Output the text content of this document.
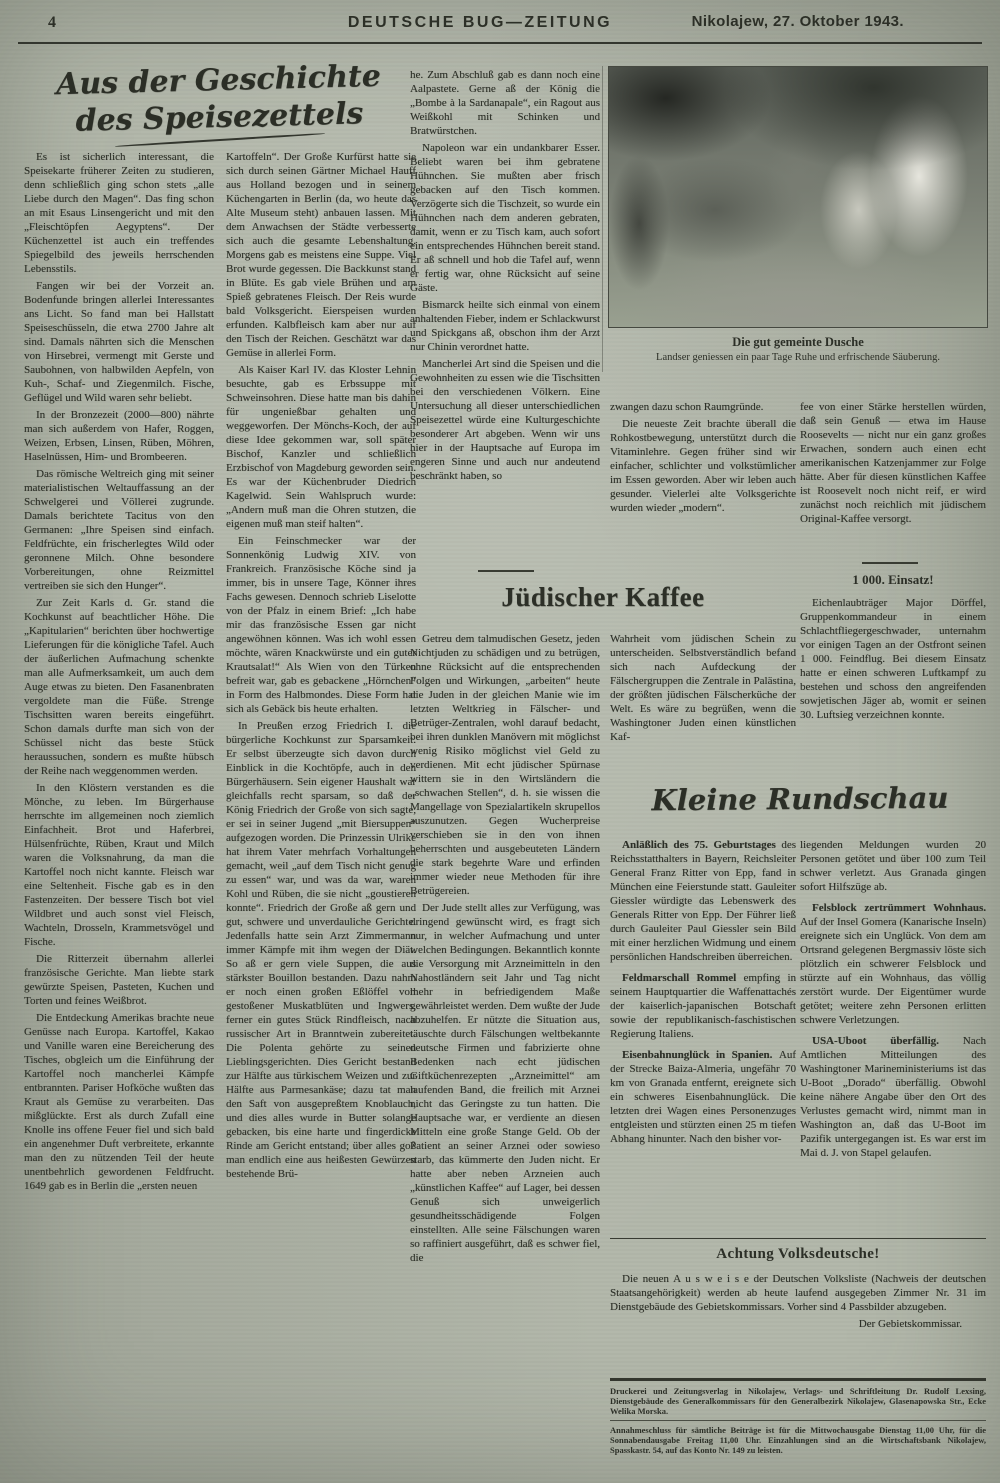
4	DEUTSCHE BUG—ZEITUNG	Nikolajew, 27. Oktober 1943.
Aus der Geschichte
des Speisezettels

Es ist sicherlich interessant, die Speisekarte früherer Zeiten zu studieren, denn schließlich ging schon stets „alle Liebe durch den Magen“. Das fing schon an mit Esaus Linsengericht und mit den „Fleischtöpfen Aegyptens“. Der Küchenzettel ist auch ein treffendes Spiegelbild des jeweils herrschenden Lebensstils.

Fangen wir bei der Vorzeit an. Bodenfunde bringen allerlei Interessantes ans Licht. So fand man bei Hallstatt Speiseschüsseln, die etwa 2700 Jahre alt sind. Damals nährten sich die Menschen von Hirsebrei, vermengt mit Gerste und Saubohnen, von halbwilden Aepfeln, von Kuh-, Schaf- und Ziegenmilch. Fische, Geflügel und Wild waren sehr beliebt.

In der Bronzezeit (2000—800) nährte man sich außerdem von Hafer, Roggen, Weizen, Erbsen, Linsen, Rüben, Möhren, Haselnüssen, Him- und Brombeeren.

Das römische Weltreich ging mit seiner materialistischen Weltauffassung an der Schwelgerei und Völlerei zugrunde. Damals berichtete Tacitus von den Germanen: „Ihre Speisen sind einfach. Feldfrüchte, ein frischerlegtes Wild oder geronnene Milch. Ohne besondere Vorbereitungen, ohne Reizmittel vertreiben sie sich den Hunger“.

Zur Zeit Karls d. Gr. stand die Kochkunst auf beachtlicher Höhe. Die „Kapitularien“ berichten über hochwertige Lieferungen für die königliche Tafel. Auch der äußerlichen Aufmachung schenkte man alle Aufmerksamkeit, um auch dem Auge etwas zu bieten. Den Fasanenbraten vergoldete man die Füße. Strenge Tischsitten waren bereits eingeführt. Schon damals durfte man sich von der Schüssel nicht das beste Stück heraussuchen, sondern es mußte hübsch der Reihe nach weggenommen werden.

In den Klöstern verstanden es die Mönche, zu leben. Im Bürgerhause herrschte im allgemeinen noch ziemlich Einfachheit. Brot und Haferbrei, Hülsenfrüchte, Rüben, Kraut und Milch waren die Volksnahrung, da man die Kartoffel noch nicht kannte. Fleisch war eine Seltenheit. Fische gab es in den Fastenzeiten. Der bessere Tisch bot viel Wildbret und auch sonst viel Fleisch, Wachteln, Drosseln, Krammetsvögel und Fische.

Die Ritterzeit übernahm allerlei französische Gerichte. Man liebte stark gewürzte Speisen, Pasteten, Kuchen und Torten und feines Weißbrot.

Die Entdeckung Amerikas brachte neue Genüsse nach Europa. Kartoffel, Kakao und Vanille waren eine Bereicherung des Tisches, obgleich um die Einführung der Kartoffel noch mancherlei Kämpfe entbrannten. Pariser Hofköche wußten das Kraut als Gemüse zu verarbeiten. Das mißglückte. Erst als durch Zufall eine Knolle ins offene Feuer fiel und sich bald ein angenehmer Duft verbreitete, erkannte man den zu nützenden Teil der heute unentbehrlich gewordenen Feldfrucht. 1649 gab es in Berlin die „ersten neuen

Kartoffeln“. Der Große Kurfürst hatte sie sich durch seinen Gärtner Michael Hauff aus Holland bezogen und in seinem Küchengarten in Berlin (da, wo heute das Alte Museum steht) anbauen lassen. Mit dem Anwachsen der Städte verbesserte sich auch die gesamte Lebenshaltung. Morgens gab es meistens eine Suppe. Viel Brot wurde gegessen. Die Backkunst stand in Blüte. Es gab viele Brühen und am Spieß gebratenes Fleisch. Der Reis wurde bald Volksgericht. Eierspeisen wurden erfunden. Kalbfleisch kam aber nur auf den Tisch der Reichen. Geschätzt war das Gemüse in allerlei Form.

Als Kaiser Karl IV. das Kloster Lehnin besuchte, gab es Erbssuppe mit Schweinsohren. Diese hatte man bis dahin für ungenießbar gehalten und weggeworfen. Der Mönchs-Koch, der auf diese Idee gekommen war, soll später Bischof, Kanzler und schließlich Erzbischof von Magdeburg geworden sein. Es war der Küchenbruder Diedrich Kagelwid. Sein Wahlspruch wurde: „Andern muß man die Ohren stutzen, die eigenen muß man steif halten“.

Ein Feinschmecker war der Sonnenkönig Ludwig XIV. von Frankreich. Französische Köche sind ja immer, bis in unsere Tage, Könner ihres Fachs gewesen. Dennoch schrieb Liselotte von der Pfalz in einem Brief: „Ich habe mir das französische Essen gar nicht angewöhnen können. Was ich wohl essen möchte, wären Knackwürste und ein guter Krautsalat!“ Als Wien von den Türken befreit war, gab es gebackene „Hörnchen“ in Form des Halbmondes. Diese Form hat sich als Gebäck bis heute erhalten.

In Preußen erzog Friedrich I. die bürgerliche Kochkunst zur Sparsamkeit. Er selbst überzeugte sich davon durch Einblick in die Kochtöpfe, auch in den Bürgerhäusern. Sein eigener Haushalt war gleichfalls recht sparsam, so daß der König Friedrich der Große von sich sagte, er sei in seiner Jugend „mit Biersuppen“ aufgezogen worden. Die Prinzessin Ulrike hat ihrem Vater mehrfach Vorhaltungen gemacht, weil „auf dem Tisch nicht genug zu essen“ war, und was da war, waren Kohl und Rüben, die sie nicht „goustieren konnte“. Friedrich der Große aß gern und gut, schwere und unverdauliche Gerichte. Jedenfalls hatte sein Arzt Zimmermann immer Kämpfe mit ihm wegen der Diät. So aß er gern viele Suppen, die aus stärkster Bouillon bestanden. Dazu nahm er noch einen großen Eßlöffel voll gestoßener Muskatblüten und Ingwers, ferner ein gutes Stück Rindfleisch, nach russischer Art in Branntwein zubereitet. Die Polenta gehörte zu seinen Lieblingsgerichten. Dies Gericht bestand zur Hälfte aus türkischem Weizen und zur Hälfte aus Parmesankäse; dazu tat man den Saft von ausgepreßtem Knoblauch, und dies alles wurde in Butter solange gebacken, bis eine harte und fingerdicke Rinde am Gericht entstand; über alles goß man endlich eine aus heißesten Gewürzen bestehende Brü-

he. Zum Abschluß gab es dann noch eine Aalpastete. Gerne aß der König die „Bombe à la Sardanapale“, ein Ragout aus Weißkohl mit Schinken und Bratwürstchen.

Napoleon war ein undankbarer Esser. Beliebt waren bei ihm gebratene Hühnchen. Sie mußten aber frisch gebacken auf den Tisch kommen. Verzögerte sich die Tischzeit, so wurde ein Hühnchen nach dem anderen gebraten, damit, wenn er zu Tisch kam, auch sofort ein entsprechendes Hühnchen bereit stand. Er aß schnell und hob die Tafel auf, wenn er fertig war, ohne Rücksicht auf seine Gäste.

Bismarck heilte sich einmal von einem anhaltenden Fieber, indem er Schlackwurst und Spickgans aß, obschon ihm der Arzt nur Chinin verordnet hatte.

Mancherlei Art sind die Speisen und die Gewohnheiten zu essen wie die Tischsitten bei den verschiedenen Völkern. Eine Untersuchung all dieser unterschiedlichen Speisezettel würde eine Kulturgeschichte besonderer Art abgeben. Wenn wir uns hier in der Hauptsache auf Europa im engeren Sinne und auch nur andeutend beschränkt haben, so

zwangen dazu schon Raumgründe.

Die neueste Zeit brachte überall die Rohkostbewegung, unterstützt durch die Vitaminlehre. Gegen früher sind wir einfacher, schlichter und volkstümlicher im Essen geworden. Aber wir leben auch gesunder. Vielerlei alte Volksgerichte wurden wieder „modern“.

Die gut gemeinte Dusche
Landser geniessen ein paar Tage Ruhe und erfrischende Säuberung.
Jüdischer Kaffee

Getreu dem talmudischen Gesetz, jeden Nichtjuden zu schädigen und zu betrügen, ohne Rücksicht auf die entsprechenden Folgen und Wirkungen, „arbeiten“ heute die Juden in der gleichen Manie wie im letzten Weltkrieg in Fälscher- und Betrüger-Zentralen, wohl darauf bedacht, bei ihren dunklen Manövern mit möglichst wenig Risiko möglichst viel Geld zu verdienen. Mit echt jüdischer Spürnase wittern sie in den Wirtsländern die „schwachen Stellen“, d. h. sie wissen die Mangellage von Spezialartikeln skrupellos auszunutzen. Gegen Wucherpreise verschieben sie in den von ihnen beherrschten und ausgebeuteten Ländern die stark begehrte Ware und erfinden immer wieder neue Methoden für ihre Betrügereien.

Der Jude stellt alles zur Verfügung, was dringend gewünscht wird, es fragt sich nur, in welcher Aufmachung und unter welchen Bedingungen. Bekanntlich konnte die Versorgung mit Arzneimitteln in den Nahostländern seit Jahr und Tag nicht mehr in befriedigendem Maße gewährleistet werden. Dem wußte der Jude abzuhelfen. Er nützte die Situation aus, täuschte durch Fälschungen weltbekannte deutsche Firmen und fabrizierte ohne Bedenken nach echt jüdischen Giftküchenrezepten „Arzneimittel“ am laufenden Band, die freilich mit Arznei nicht das Geringste zu tun hatten. Die Hauptsache war, er verdiente an diesen Mitteln eine große Stange Geld. Ob der Patient an seiner Arznei oder sowieso starb, das kümmerte den Juden nicht. Er hatte aber neben Arzneien auch „künstlichen Kaffee“ auf Lager, bei dessen Genuß sich unweigerlich gesundheitsschädigende Folgen einstellten. Alle seine Fälschungen waren so raffiniert ausgeführt, daß es schwer fiel, die

Wahrheit vom jüdischen Schein zu unterscheiden. Selbstverständlich befand sich nach Aufdeckung der Fälschergruppen die Zentrale in Palästina, der größten jüdischen Fälscherküche der Welt. Es wäre zu begrüßen, wenn die Washingtoner Juden einen künstlichen Kaf-

fee von einer Stärke herstellen würden, daß sein Genuß — etwa im Hause Roosevelts — nicht nur ein ganz großes Erwachen, sondern auch einen echt amerikanischen Katzenjammer zur Folge hätte. Aber für diesen künstlichen Kaffee ist Roosevelt noch nicht reif, er wird zunächst noch reichlich mit jüdischem Original-Kaffee versorgt.

1 000. Einsatz!

Eichenlaubträger Major Dörffel, Gruppenkommandeur in einem Schlachtfliegergeschwader, unternahm vor einigen Tagen an der Ostfront seinen 1 000. Feindflug. Bei diesem Einsatz hatte er einen schweren Luftkampf zu bestehen und schoss den angreifenden sowjetischen Jäger ab, womit er seinen 30. Luftsieg verzeichnen konnte.

Kleine Rundschau

Anläßlich des 75. Geburtstages des Reichsstatthalters in Bayern, Reichsleiter General Franz Ritter von Epp, fand in München eine Feierstunde statt. Gauleiter Giessler würdigte das Lebenswerk des Generals Ritter von Epp. Der Führer ließ durch Gauleiter Paul Giessler sein Bild mit einer herzlichen Widmung und einem persönlichen Handschreiben überreichen.

Feldmarschall Rommel empfing in seinem Hauptquartier die Waffenattachés der kaiserlich-japanischen Botschaft sowie der republikanisch-faschistischen Regierung Italiens.

Eisenbahnunglück in Spanien. Auf der Strecke Baiza-Almeria, ungefähr 70 km von Granada entfernt, ereignete sich ein schweres Eisenbahnunglück. Die letzten drei Wagen eines Personenzuges entgleisten und stürzten einen 25 m tiefen Abhang hinunter. Nach den bisher vor-

liegenden Meldungen wurden 20 Personen getötet und über 100 zum Teil schwer verletzt. Aus Granada gingen sofort Hilfszüge ab.

Felsblock zertrümmert Wohnhaus. Auf der Insel Gomera (Kanarische Inseln) ereignete sich ein Unglück. Von dem am Ortsrand gelegenen Bergmassiv löste sich plötzlich ein schwerer Felsblock und stürzte auf ein Wohnhaus, das völlig zerstört wurde. Der Eigentümer wurde getötet; weitere zehn Personen erlitten schwere Verletzungen.

USA-Uboot überfällig. Nach Amtlichen Mitteilungen des Washingtoner Marineministeriums ist das U-Boot „Dorado“ überfällig. Obwohl keine nähere Angabe über den Ort des Verlustes gemacht wird, nimmt man in Washington an, daß das U-Boot im Pazifik untergegangen ist. Es war erst im Mai d. J. von Stapel gelaufen.

Achtung Volksdeutsche!

Die neuen A u s w e i s e der Deutschen Volksliste (Nachweis der deutschen Staatsangehörigkeit) werden ab heute laufend ausgegeben Zimmer Nr. 31 im Dienstgebäude des Gebietskommissars. Vorher sind 4 Passbilder abzugeben.

Der Gebietskommissar.

Druckerei und Zeitungsverlag in Nikolajew, Verlags- und Schriftleitung Dr. Rudolf Lexsing, Dienstgebäude des Generalkommissars für den Generalbezirk Nikolajew, Glasenapowska Str., Ecke Welika Morska.

Annahmeschluss für sämtliche Beiträge ist für die Mittwochausgabe Dienstag 11,00 Uhr, für die Sonnabendausgabe Freitag 11,00 Uhr. Einzahlungen sind an die Wirtschaftsbank Nikolajew, Spasskastr. 54, auf das Konto Nr. 149 zu leisten.
